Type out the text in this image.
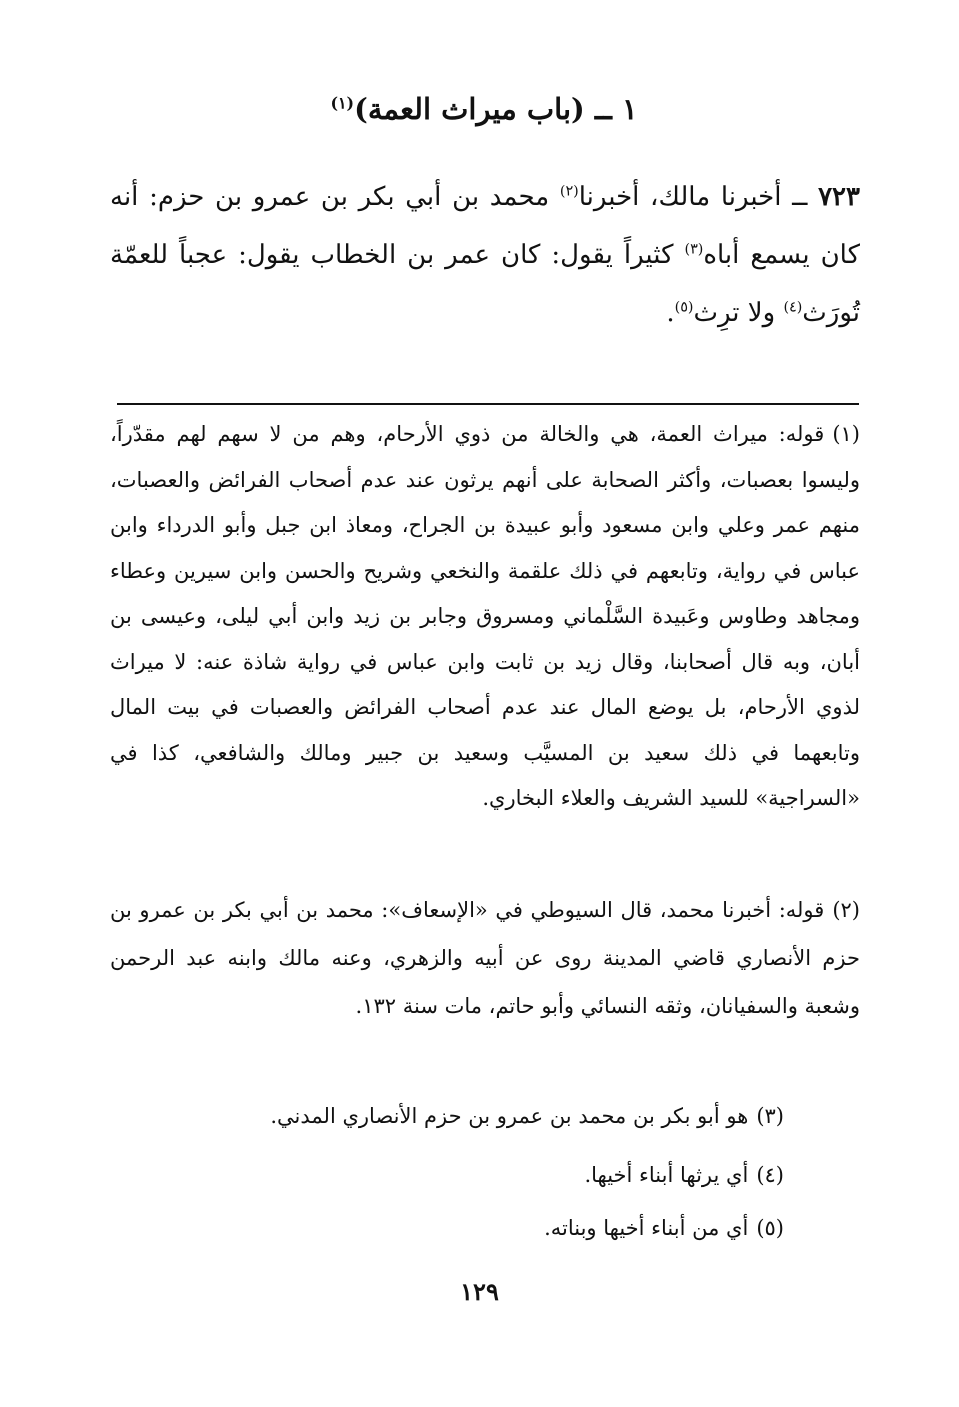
١ ــ (باب ميراث العمة)$^{(١)}$
٧٢٣ ــ أخبرنا مالك، أخبرنا$^{(٢)}$ محمد بن أبي بكر بن عمرو بن حزم: أنه كان يسمع أباه$^{(٣)}$ كثيراً يقول: كان عمر بن الخطاب يقول: عجباً للعمّة تُورَث$^{(٤)}$ ولا ترِث$^{(٥)}$.
(١)قوله: ميراث العمة، هي والخالة من ذوي الأرحام، وهم من لا سهم لهم مقدّراً، وليسوا بعصبات، وأكثر الصحابة على أنهم يرثون عند عدم أصحاب الفرائض والعصبات، منهم عمر وعلي وابن مسعود وأبو عبيدة بن الجراح، ومعاذ ابن جبل وأبو الدرداء وابن عباس في رواية، وتابعهم في ذلك علقمة والنخعي وشريح والحسن وابن سيرين وعطاء ومجاهد وطاوس وعَبيدة السَّلْماني ومسروق وجابر بن زيد وابن أبي ليلى، وعيسى بن أبان، وبه قال أصحابنا، وقال زيد بن ثابت وابن عباس في رواية شاذة عنه: لا ميراث لذوي الأرحام، بل يوضع المال عند عدم أصحاب الفرائض والعصبات في بيت المال وتابعهما في ذلك سعيد بن المسيَّب وسعيد بن جبير ومالك والشافعي، كذا في «السراجية» للسيد الشريف والعلاء البخاري.
(٢)قوله: أخبرنا محمد، قال السيوطي في «الإسعاف»: محمد بن أبي بكر بن عمرو بن حزم الأنصاري قاضي المدينة روى عن أبيه والزهري، وعنه مالك وابنه عبد الرحمن وشعبة والسفيانان، وثقه النسائي وأبو حاتم، مات سنة ١٣٢.
(٣)هو أبو بكر بن محمد بن عمرو بن حزم الأنصاري المدني.
(٤)أي يرثها أبناء أخيها.
(٥)أي من أبناء أخيها وبناته.
١٢٩
